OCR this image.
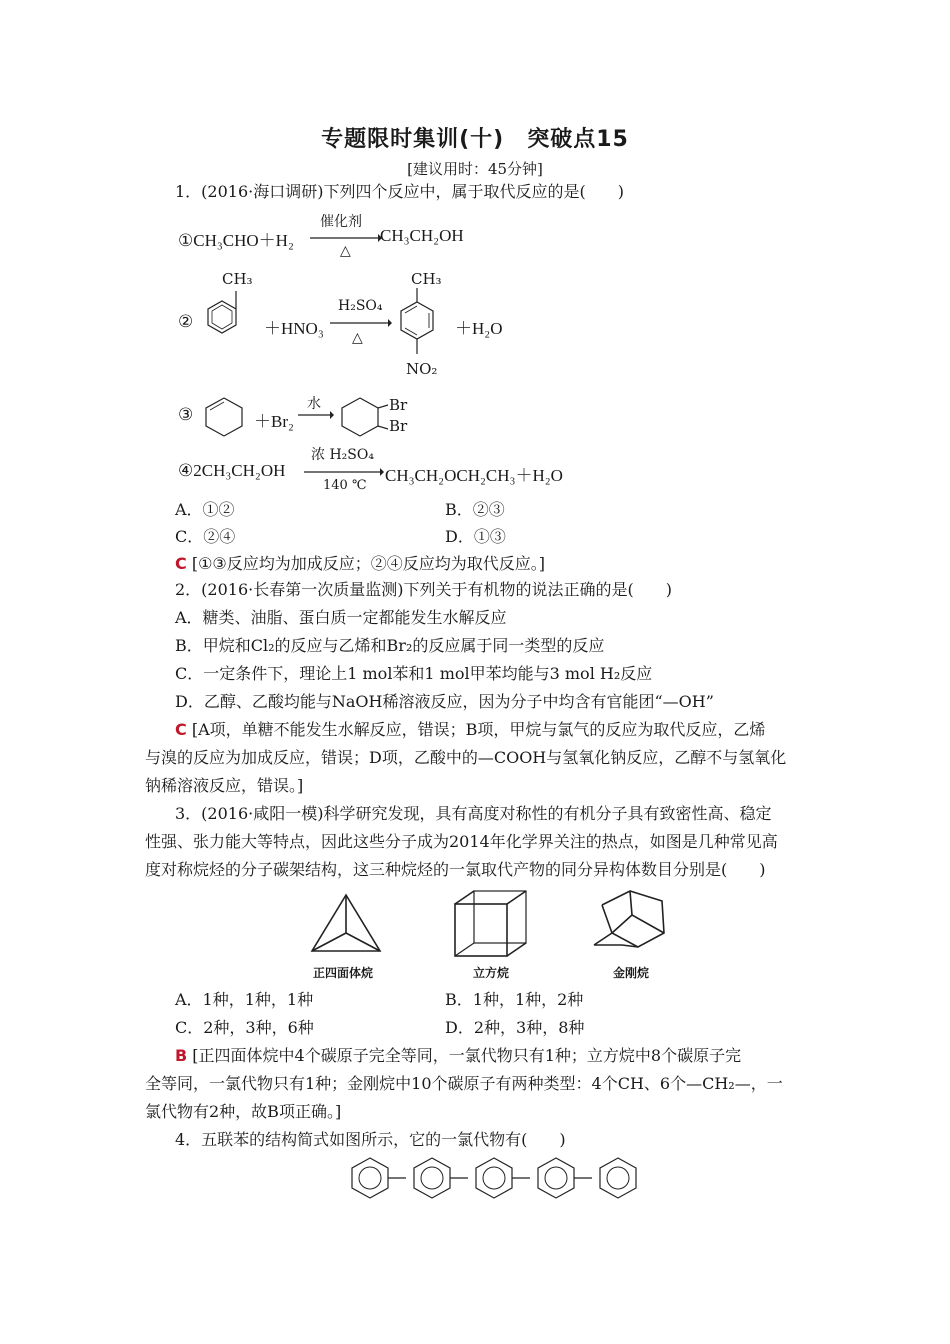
专题限时集训(十)　突破点15
[建议用时：45分钟]
1．(2016·海口调研)下列四个反应中，属于取代反应的是(　　)
①CH₃CHO＋H₂
催化剂
△
CH₃CH₂OH
②
CH₃
＋HNO₃
H₂SO₄
△
CH₃
NO₂
＋H₂O
③	＋Br₂
水	Br
Br
④2CH₃CH₂OH
浓 H₂SO₄
140 ℃
CH₃CH₂OCH₂CH₃＋H₂O
A．①②	B．②③
C．②④	D．①③
C [①③反应均为加成反应；②④反应均为取代反应。]
2．(2016·长春第一次质量监测)下列关于有机物的说法正确的是(　　)
A．糖类、油脂、蛋白质一定都能发生水解反应
B．甲烷和Cl₂的反应与乙烯和Br₂的反应属于同一类型的反应
C．一定条件下，理论上1 mol苯和1 mol甲苯均能与3 mol H₂反应
D．乙醇、乙酸均能与NaOH稀溶液反应，因为分子中均含有官能团“—OH”
C [A项，单糖不能发生水解反应，错误；B项，甲烷与氯气的反应为取代反应，乙烯
与溴的反应为加成反应，错误；D项，乙酸中的—COOH与氢氧化钠反应，乙醇不与氢氧化
钠稀溶液反应，错误。]
3．(2016·咸阳一模)科学研究发现，具有高度对称性的有机分子具有致密性高、稳定
性强、张力能大等特点，因此这些分子成为2014年化学界关注的热点，如图是几种常见高
度对称烷烃的分子碳架结构，这三种烷烃的一氯取代产物的同分异构体数目分别是(　　)
正四面体烷	立方烷	金刚烷
A．1种，1种，1种	B．1种，1种，2种
C．2种，3种，6种	D．2种，3种，8种
B [正四面体烷中4个碳原子完全等同，一氯代物只有1种；立方烷中8个碳原子完
全等同，一氯代物只有1种；金刚烷中10个碳原子有两种类型：4个CH、6个—CH₂—，一
氯代物有2种，故B项正确。]
4．五联苯的结构简式如图所示，它的一氯代物有(　　)
